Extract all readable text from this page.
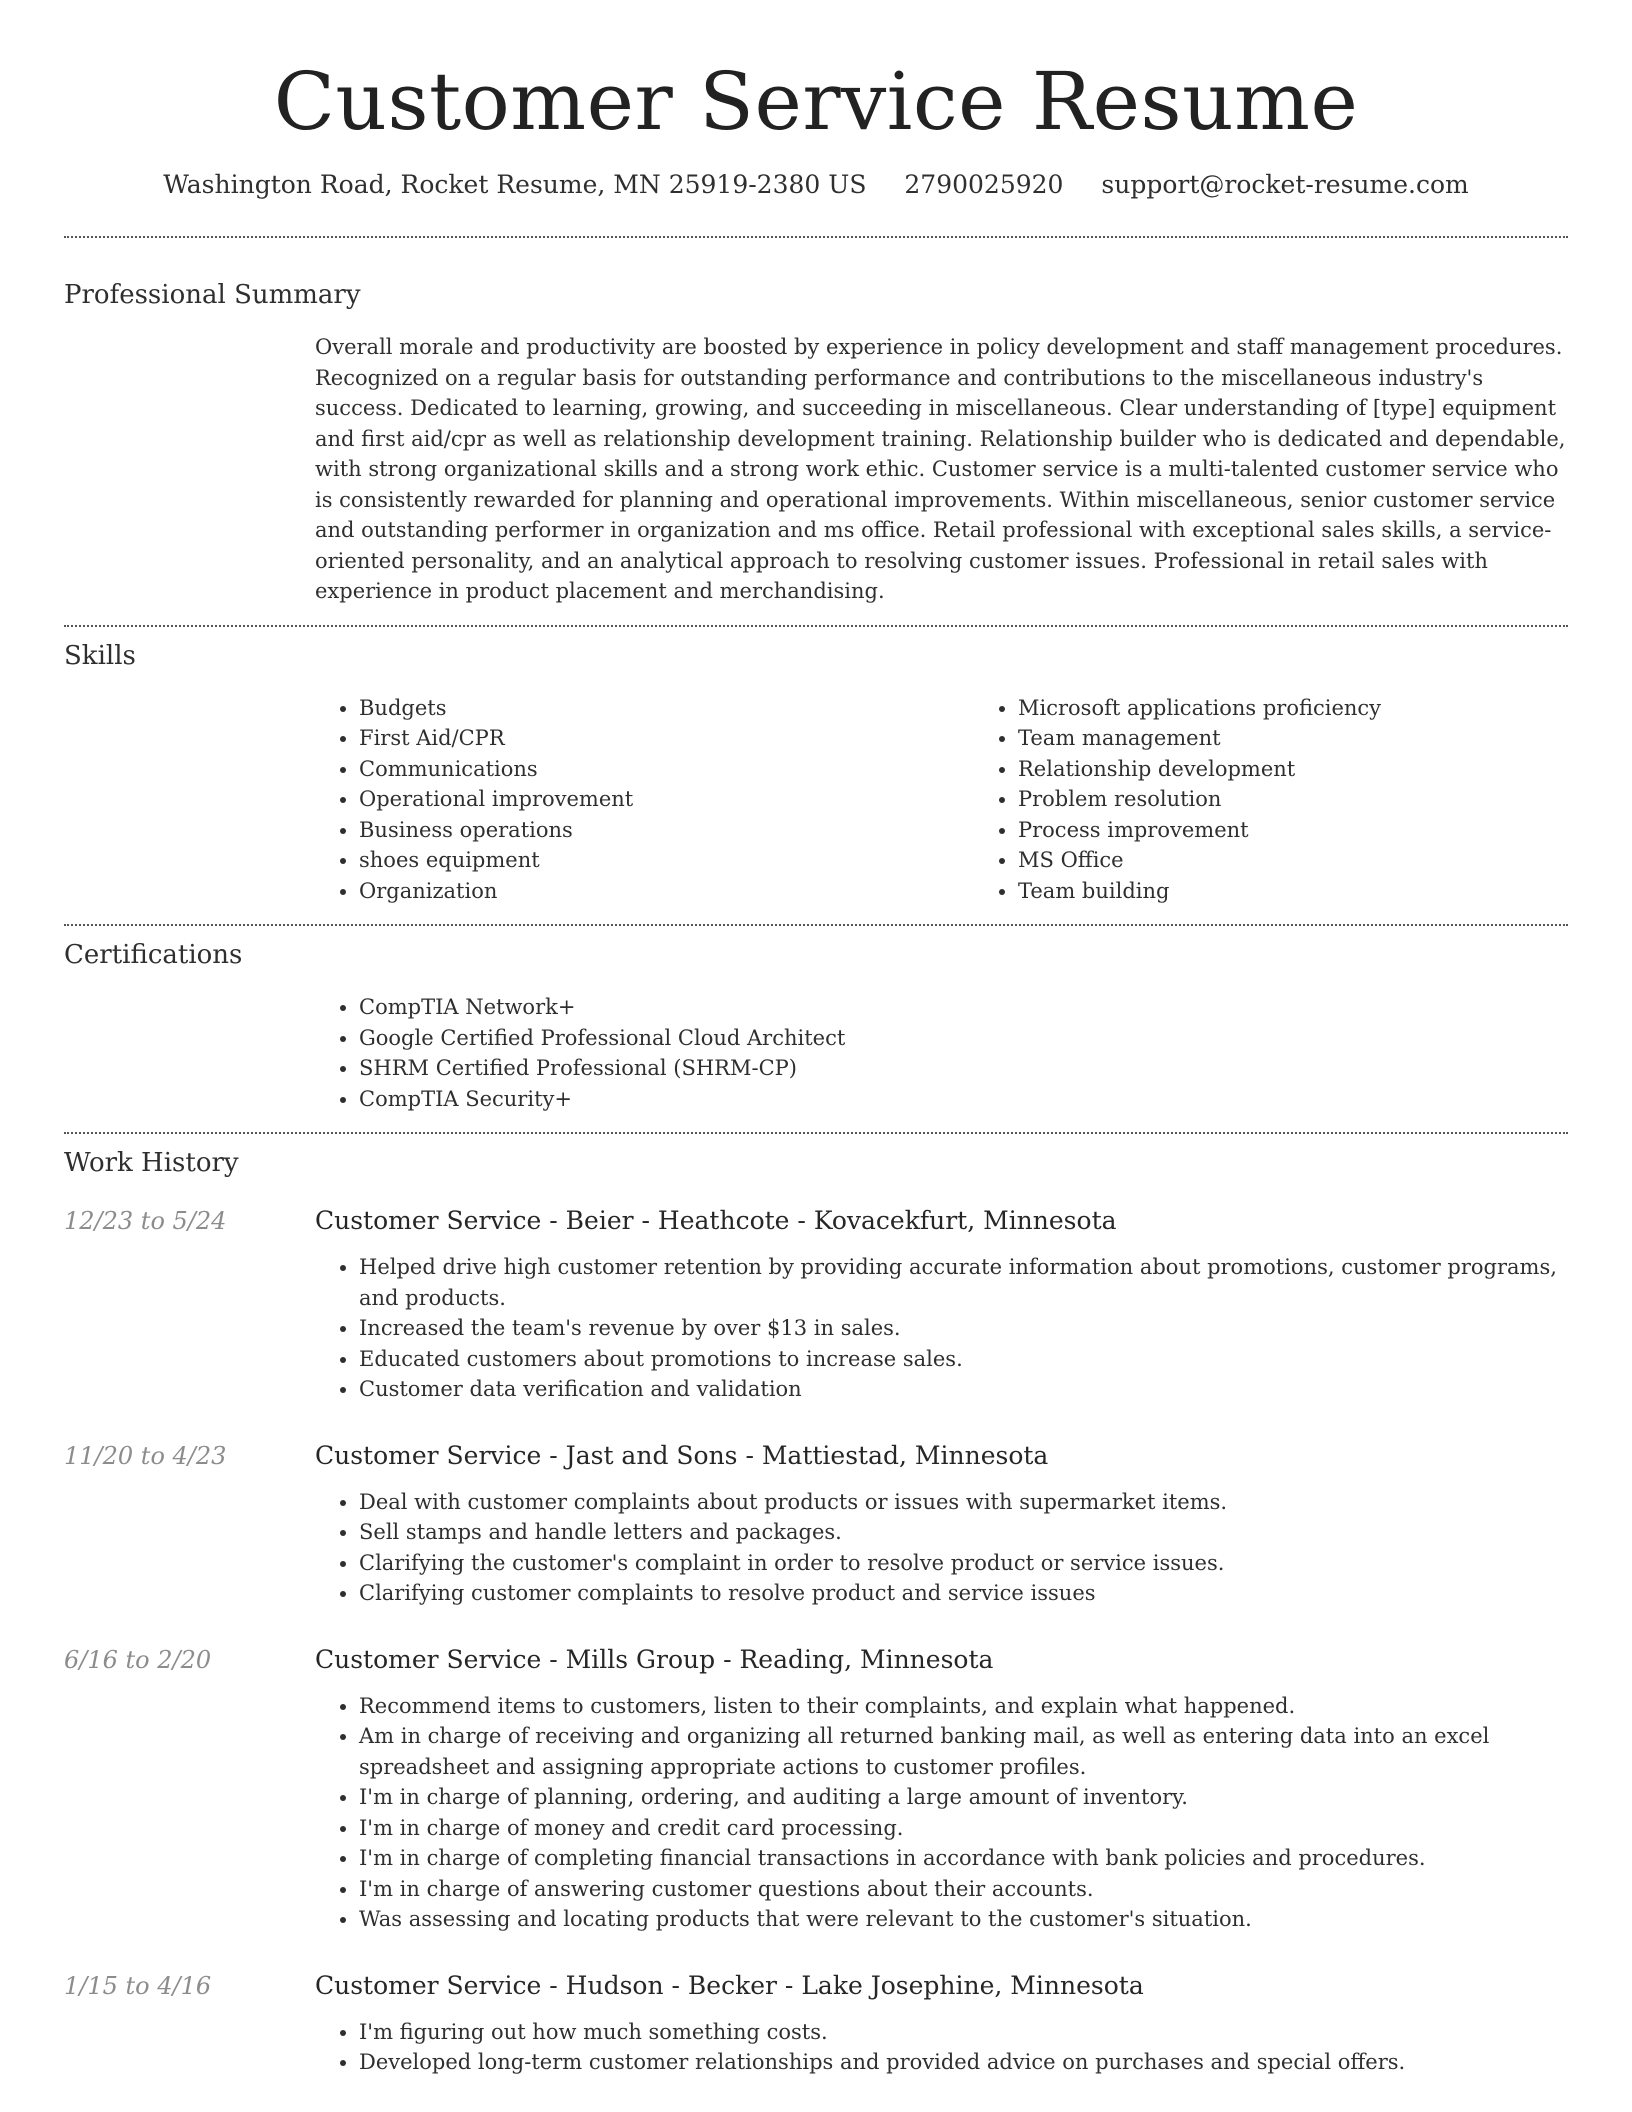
Customer Service Resume
Washington Road, Rocket Resume, MN 25919-2380 US 2790025920 support@rocket-resume.com
Professional Summary

Overall morale and productivity are boosted by experience in policy development and staff management procedures. Recognized on a regular basis for outstanding performance and contributions to the miscellaneous industry's success. Dedicated to learning, growing, and succeeding in miscellaneous. Clear understanding of [type] equipment and first aid/cpr as well as relationship development training. Relationship builder who is dedicated and dependable, with strong organizational skills and a strong work ethic. Customer service is a multi-talented customer service who is consistently rewarded for planning and operational improvements. Within miscellaneous, senior customer service and outstanding performer in organization and ms office. Retail professional with exceptional sales skills, a service-oriented personality, and an analytical approach to resolving customer issues. Professional in retail sales with experience in product placement and merchandising.

Skills
• Budgets
• First Aid/CPR
• Communications
• Operational improvement
• Business operations
• shoes equipment
• Organization
• Microsoft applications proficiency
• Team management
• Relationship development
• Problem resolution
• Process improvement
• MS Office
• Team building
Certifications
• CompTIA Network+
• Google Certified Professional Cloud Architect
• SHRM Certified Professional (SHRM-CP)
• CompTIA Security+
Work History
12/23 to 5/24	Customer Service - Beier - Heathcote - Kovacekfurt, Minnesota
• Helped drive high customer retention by providing accurate information about promotions, customer programs, and products.
• Increased the team's revenue by over $13 in sales.
• Educated customers about promotions to increase sales.
• Customer data verification and validation
11/20 to 4/23	Customer Service - Jast and Sons - Mattiestad, Minnesota
• Deal with customer complaints about products or issues with supermarket items.
• Sell stamps and handle letters and packages.
• Clarifying the customer's complaint in order to resolve product or service issues.
• Clarifying customer complaints to resolve product and service issues
6/16 to 2/20	Customer Service - Mills Group - Reading, Minnesota
• Recommend items to customers, listen to their complaints, and explain what happened.
• Am in charge of receiving and organizing all returned banking mail, as well as entering data into an excel spreadsheet and assigning appropriate actions to customer profiles.
• I'm in charge of planning, ordering, and auditing a large amount of inventory.
• I'm in charge of money and credit card processing.
• I'm in charge of completing financial transactions in accordance with bank policies and procedures.
• I'm in charge of answering customer questions about their accounts.
• Was assessing and locating products that were relevant to the customer's situation.
1/15 to 4/16	Customer Service - Hudson - Becker - Lake Josephine, Minnesota
• I'm figuring out how much something costs.
• Developed long-term customer relationships and provided advice on purchases and special offers.
